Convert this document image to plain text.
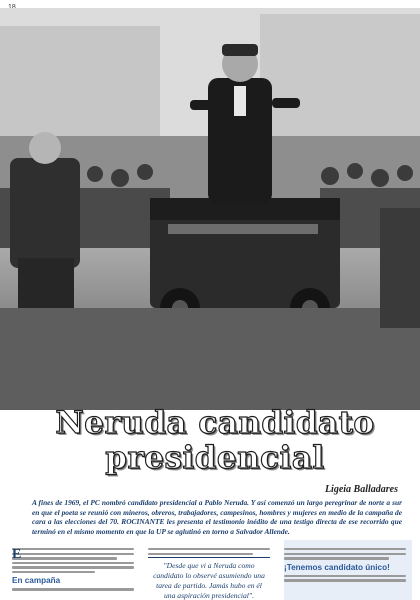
Neruda candidato presidencial
Ligeia Balladares
A fines de 1969, el PC nombró candidato presidencial a Pablo Neruda. Y así comenzó un largo peregrinar de norte a sur en que el poeta se reunió con mineros, obreros, trabajadores, campesinos, hombres y mujeres en medio de la campaña de cara a las elecciones del 70. ROCINANTE les presenta el testimonio inédito de una testigo directa de ese recorrido que terminó en el mismo momento en que la UP se aglutinó en torno a Salvador Allende.
E
En campaña
"Desde que vi a Neruda como candidato lo observé asumiendo una tarea de partido. Jamás hubo en él una aspiración presidencial".
¡Tenemos candidato único!
